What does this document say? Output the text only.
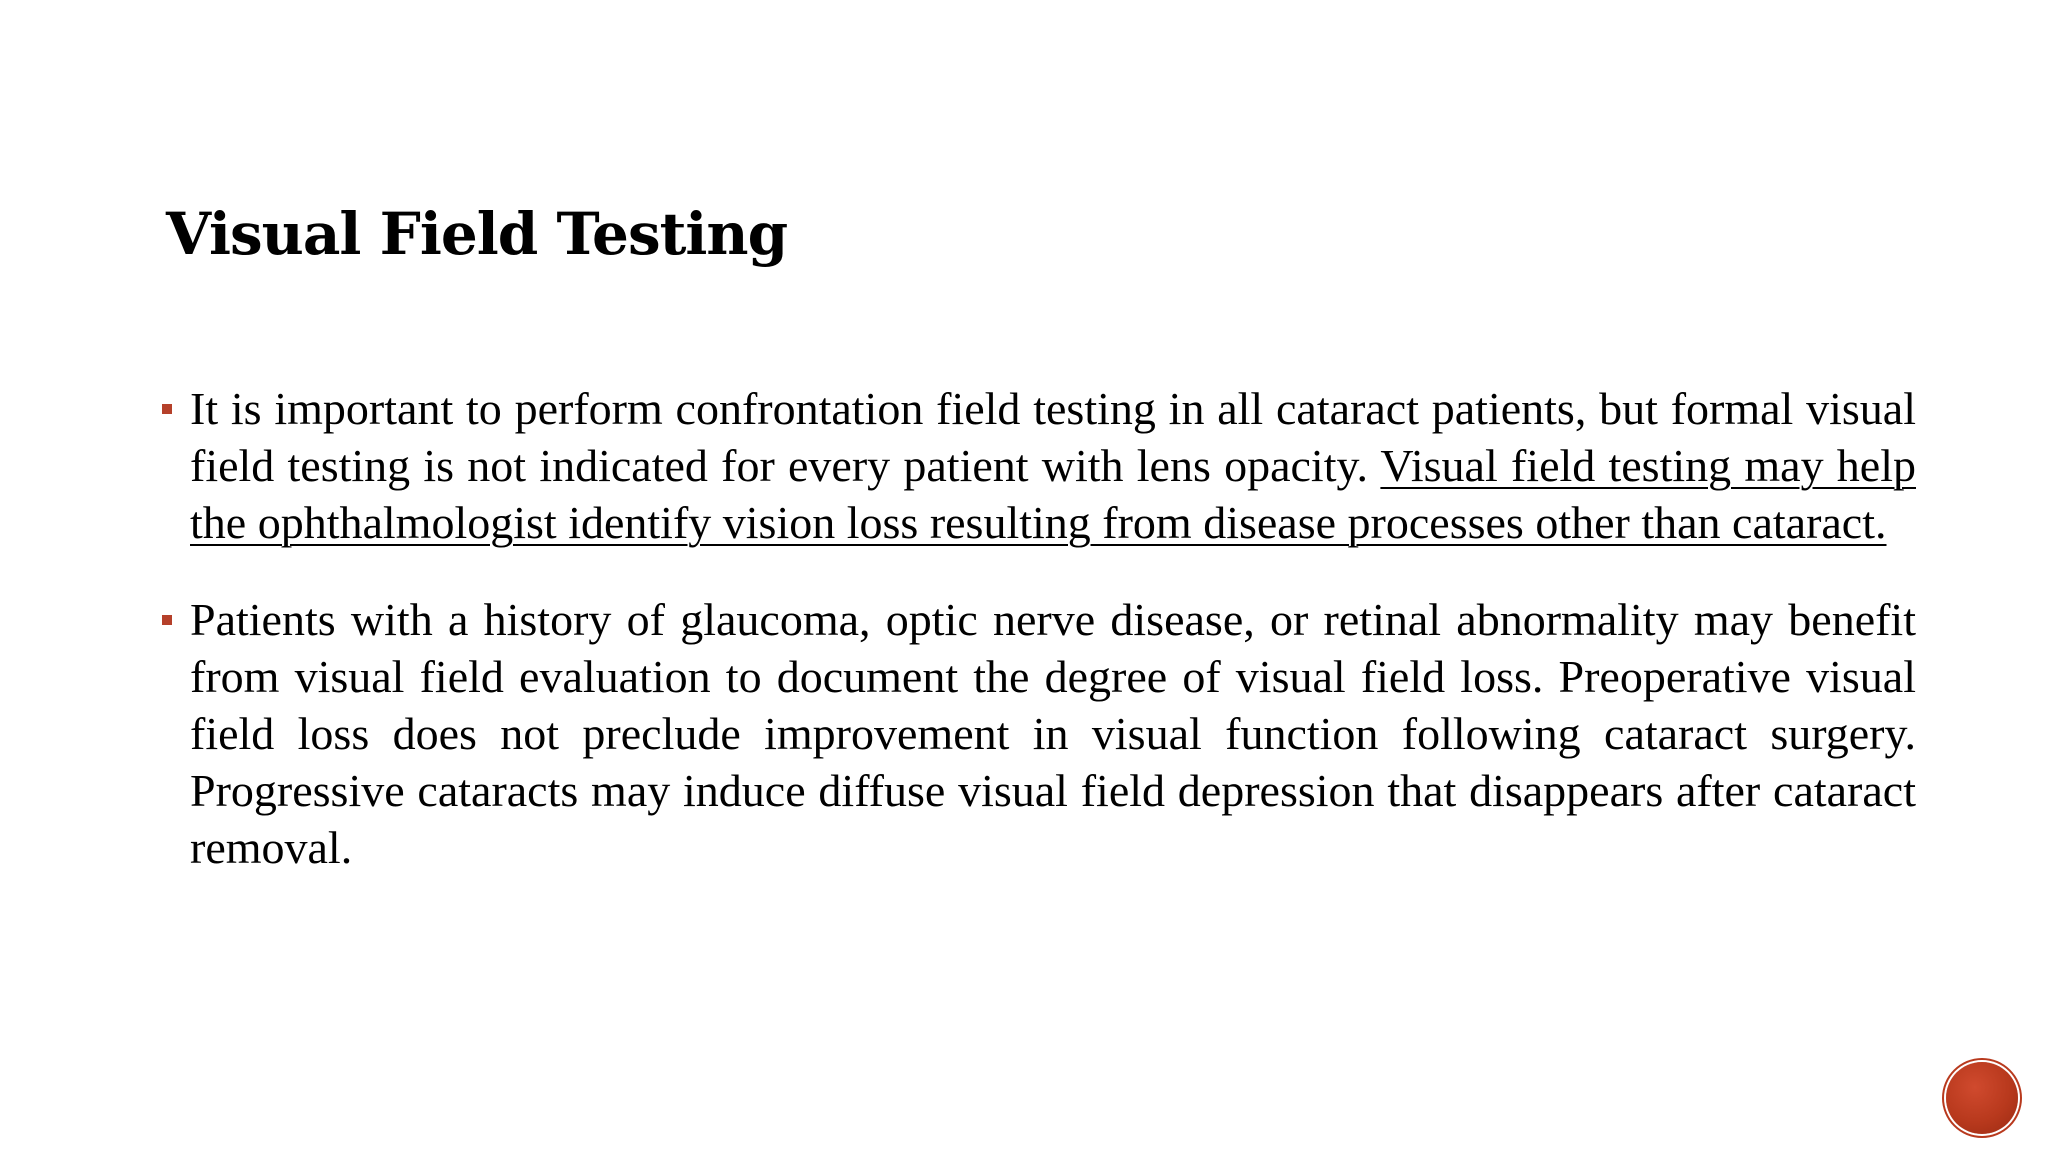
Visual Field Testing
It is important to perform confrontation field testing in all cataract patients, but formal visual field testing is not indicated for every patient with lens opacity. Visual field testing may help the ophthalmologist identify vision loss resulting from disease processes other than cataract.
Patients with a history of glaucoma, optic nerve disease, or retinal abnormality may benefit from visual field evaluation to document the degree of visual field loss. Preoperative visual field loss does not preclude improvement in visual function following cataract surgery. Progressive cataracts may induce diffuse visual field depression that disappears after cataract removal.
